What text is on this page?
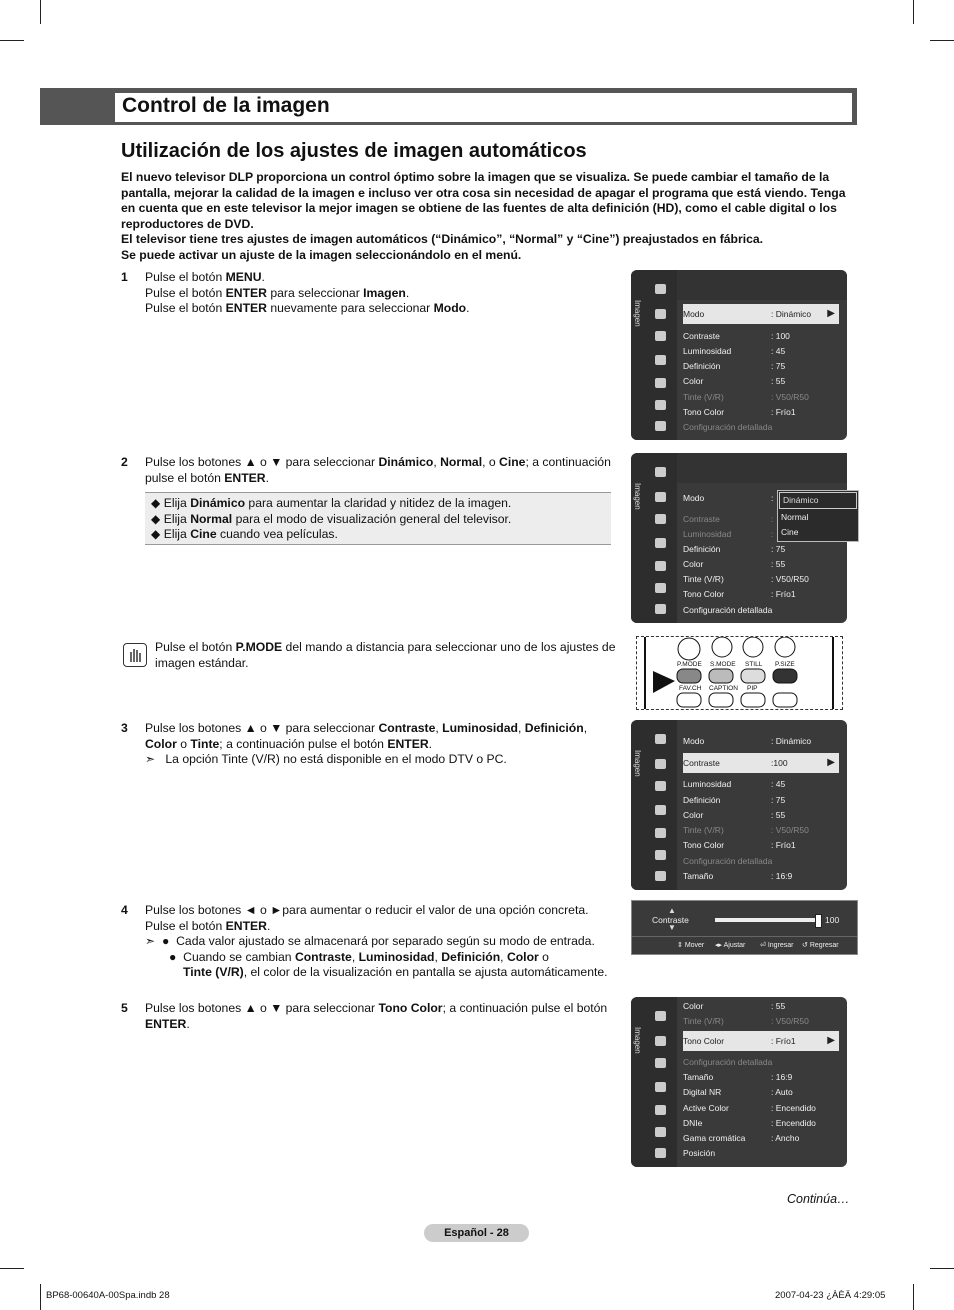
Control de la imagen
Utilización de los ajustes de imagen automáticos
El nuevo televisor DLP proporciona un control óptimo sobre la imagen que se visualiza. Se puede cambiar el tamaño de la
pantalla, mejorar la calidad de la imagen e incluso ver otra cosa sin necesidad de apagar el programa que está viendo. Tenga
en cuenta que en este televisor la mejor imagen se obtiene de las fuentes de alta definición (HD), como el cable digital o los
reproductores de DVD.
El televisor tiene tres ajustes de imagen automáticos (“Dinámico”, “Normal” y “Cine”) preajustados en fábrica.
Se puede activar un ajuste de la imagen seleccionándolo en el menú.
1 Pulse el botón MENU.
Pulse el botón ENTER para seleccionar Imagen.
Pulse el botón ENTER nuevamente para seleccionar Modo.	Imagen	Modo	: Dinámico ▶
Contraste	: 100
Luminosidad	: 45
Definición	: 75
Color	: 55
Tinte (V/R)	: V50/R50
Tono Color	: Frío1
Configuración detallada
2 Pulse los botones ▲ o ▼ para seleccionar Dinámico, Normal, o Cine; a continuación
pulse el botón ENTER.
◆ Elija Dinámico para aumentar la claridad y nitidez de la imagen.
◆ Elija Normal para el modo de visualización general del televisor.
◆ Elija Cine cuando vea películas.
Imagen	Modo	:
Contraste	:
Luminosidad	:
Definición	: 75
Color	: 55
Tinte (V/R)	: V50/R50
Tono Color	: Frío1
Configuración detallada
Dinámico
Normal
Cine
Pulse el botón P.MODE del mando a distancia para seleccionar uno de los ajustes de
imagen estándar.	P.MODE S.MODE STILL P.SIZE
FAV.CH CAPTION PIP
3 Pulse los botones ▲ o ▼ para seleccionar Contraste, Luminosidad, Definición,
Color o Tinte; a continuación pulse el botón ENTER.
➣   La opción Tinte (V/R) no está disponible en el modo DTV o PC.	Imagen
Modo	: Dinámico
Contraste	:100	▶
Luminosidad	: 45
Definición	: 75
Color	: 55
Tinte (V/R)	: V50/R50
Tono Color	: Frío1
Configuración detallada
Tamaño	: 16:9
4 Pulse los botones ◄ o ►para aumentar o reducir el valor de una opción concreta.
Pulse el botón ENTER.
➣  ●  Cada valor ajustado se almacenará por separado según su modo de entrada.
●  Cuando se cambian Contraste, Luminosidad, Definición, Color o
Tinte (V/R), el color de la visualización en pantalla se ajusta automáticamente.
▲
▼
Contraste	100
⇕ Mover ◂▸ Ajustar ⏎ Ingresar ↺ Regresar
5 Pulse los botones ▲ o ▼ para seleccionar Tono Color; a continuación pulse el botón
ENTER.
Imagen
Color	: 55
Tinte (V/R)	: V50/R50
Tono Color	: Frío1	▶
Configuración detallada
Tamaño	: 16:9
Digital NR	: Auto
Active Color	: Encendido
DNIe	: Encendido
Gama cromática	: Ancho
Posición
Continúa…
Español - 28
BP68-00640A-00Spa.indb 28	2007-04-23 ¿ÀÈÄ 4:29:05
